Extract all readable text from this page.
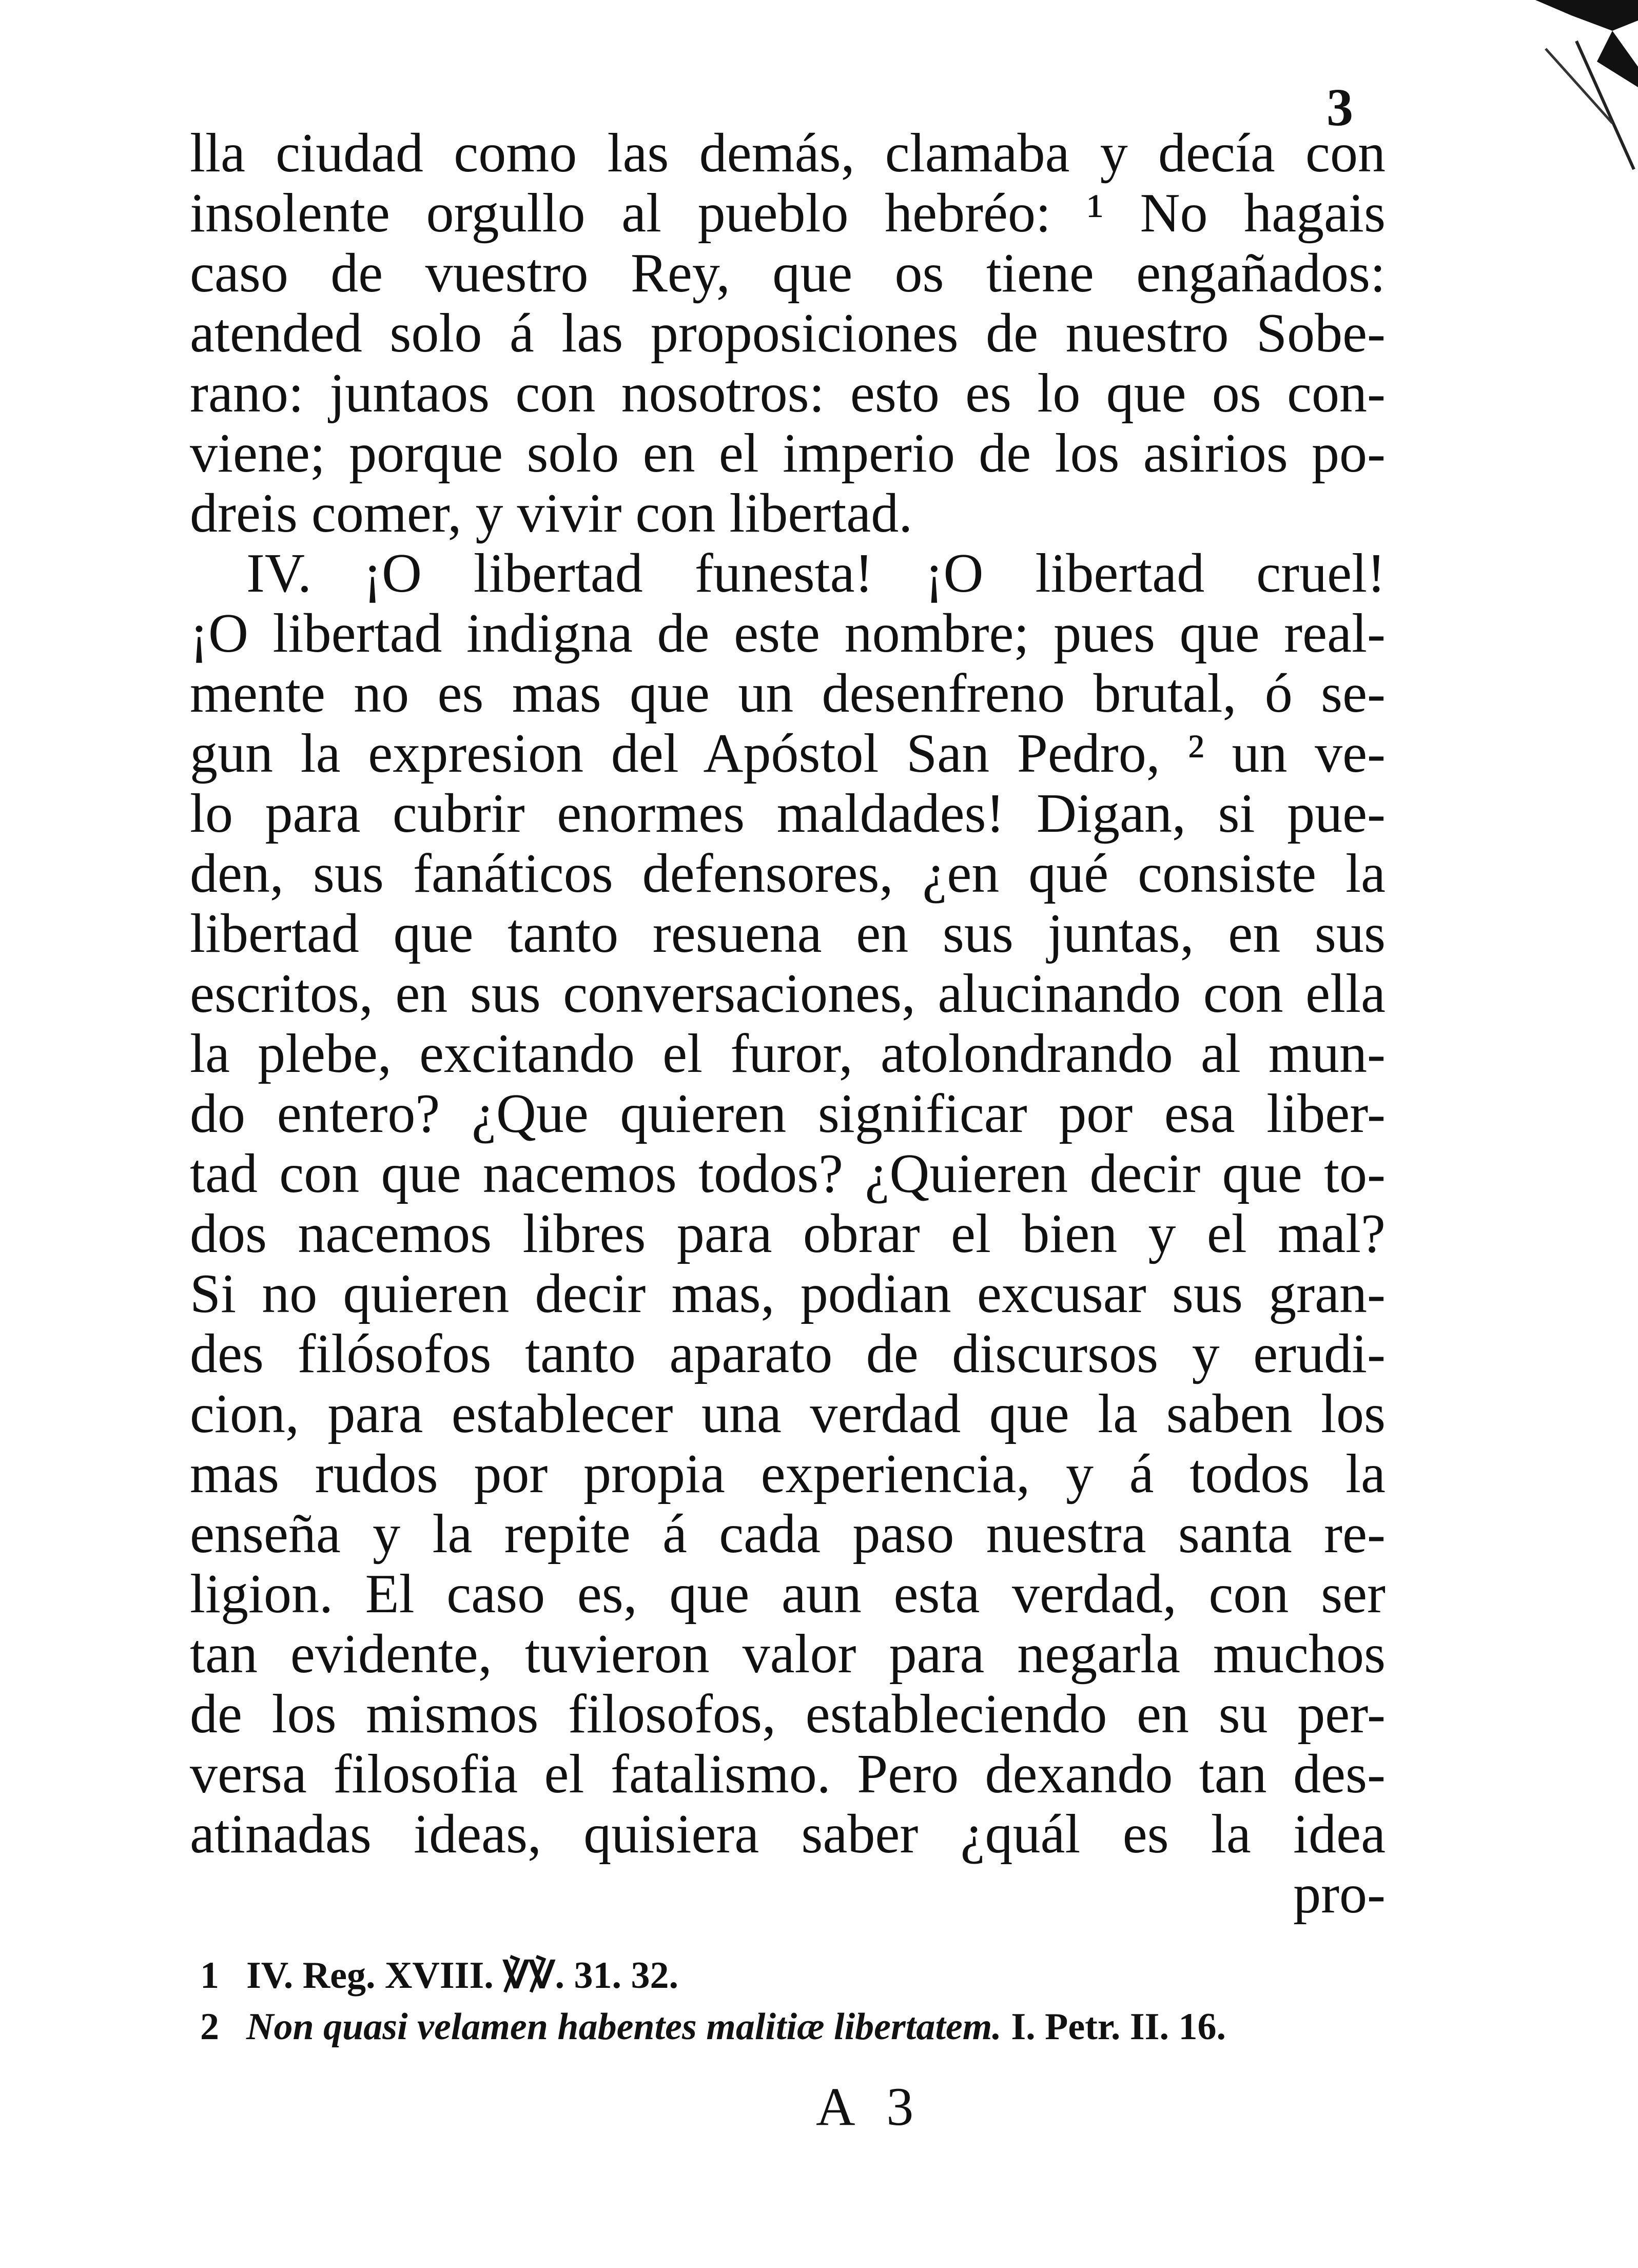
3
lla ciudad como las demás, clamaba y decía con
insolente orgullo al pueblo hebréo: ¹ No hagais
caso de vuestro Rey, que os tiene engañados:
atended solo á las proposiciones de nuestro Sobe-
rano: juntaos con nosotros: esto es lo que os con-
viene; porque solo en el imperio de los asirios po-
dreis comer, y vivir con libertad.
IV. ¡O libertad funesta! ¡O libertad cruel!
¡O libertad indigna de este nombre; pues que real-
mente no es mas que un desenfreno brutal, ó se-
gun la expresion del Apóstol San Pedro, ² un ve-
lo para cubrir enormes maldades! Digan, si pue-
den, sus fanáticos defensores, ¿en qué consiste la
libertad que tanto resuena en sus juntas, en sus
escritos, en sus conversaciones, alucinando con ella
la plebe, excitando el furor, atolondrando al mun-
do entero? ¿Que quieren significar por esa liber-
tad con que nacemos todos? ¿Quieren decir que to-
dos nacemos libres para obrar el bien y el mal?
Si no quieren decir mas, podian excusar sus gran-
des filósofos tanto aparato de discursos y erudi-
cion, para establecer una verdad que la saben los
mas rudos por propia experiencia, y á todos la
enseña y la repite á cada paso nuestra santa re-
ligion. El caso es, que aun esta verdad, con ser
tan evidente, tuvieron valor para negarla muchos
de los mismos filosofos, estableciendo en su per-
versa filosofia el fatalismo. Pero dexando tan des-
atinadas ideas, quisiera saber ¿quál es la idea
pro-
1 IV. Reg. XVIII. ℣℣. 31. 32.
2 Non quasi velamen habentes malitiæ libertatem. I. Petr. II. 16.
A 3
